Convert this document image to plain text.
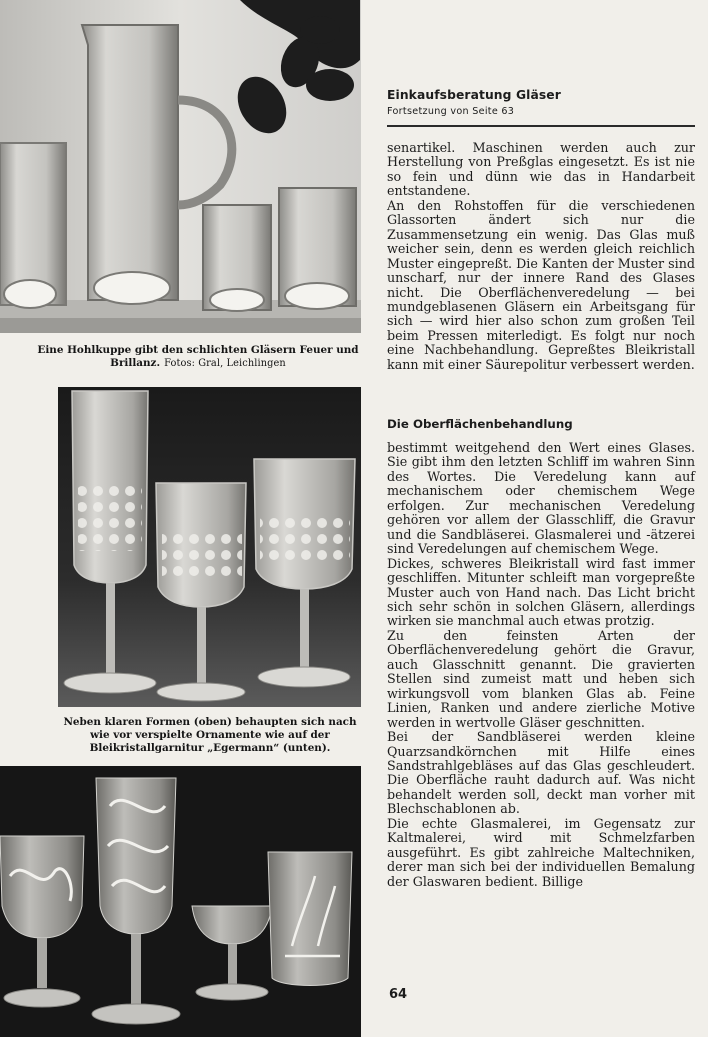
Eine Hohlkuppe gibt den schlichten Gläsern Feuer und Brillanz. Fotos: Gral, Leichlingen
Neben klaren Formen (oben) behaupten sich nach wie vor verspielte Ornamente wie auf der Bleikristallgarnitur „Egermann“ (unten).
Einkaufsberatung Gläser
Fortsetzung von Seite 63

senartikel. Maschinen werden auch zur Herstellung von Preßglas eingesetzt. Es ist nie so fein und dünn wie das in Handarbeit entstandene.

An den Rohstoffen für die verschiedenen Glassorten ändert sich nur die Zusammensetzung ein wenig. Das Glas muß weicher sein, denn es werden gleich reichlich Muster eingepreßt. Die Kanten der Muster sind unscharf, nur der innere Rand des Glases nicht. Die Oberflächenveredelung — bei mundgeblasenen Gläsern ein Arbeitsgang für sich — wird hier also schon zum großen Teil beim Pressen miterledigt. Es folgt nur noch eine Nachbehandlung. Gepreßtes Bleikristall kann mit einer Säurepolitur verbessert werden.

Die Oberflächenbehandlung

bestimmt weitgehend den Wert eines Glases. Sie gibt ihm den letzten Schliff im wahren Sinn des Wortes. Die Veredelung kann auf mechanischem oder chemischem Wege erfolgen. Zur mechanischen Veredelung gehören vor allem der Glasschliff, die Gravur und die Sandbläserei. Glasmalerei und -ätzerei sind Veredelungen auf chemischem Wege.

Dickes, schweres Bleikristall wird fast immer geschliffen. Mitunter schleift man vorgepreßte Muster auch von Hand nach. Das Licht bricht sich sehr schön in solchen Gläsern, allerdings wirken sie manchmal auch etwas protzig.

Zu den feinsten Arten der Oberflächenveredelung gehört die Gravur, auch Glasschnitt genannt. Die gravierten Stellen sind zumeist matt und heben sich wirkungsvoll vom blanken Glas ab. Feine Linien, Ranken und andere zierliche Motive werden in wertvolle Gläser geschnitten.

Bei der Sandbläserei werden kleine Quarzsandkörnchen mit Hilfe eines Sandstrahlgebläses auf das Glas geschleudert. Die Oberfläche rauht dadurch auf. Was nicht behandelt werden soll, deckt man vorher mit Blechschablonen ab.

Die echte Glasmalerei, im Gegensatz zur Kaltmalerei, wird mit Schmelzfarben ausgeführt. Es gibt zahlreiche Maltechniken, derer man sich bei der individuellen Bemalung der Glaswaren bedient. Billige

64
